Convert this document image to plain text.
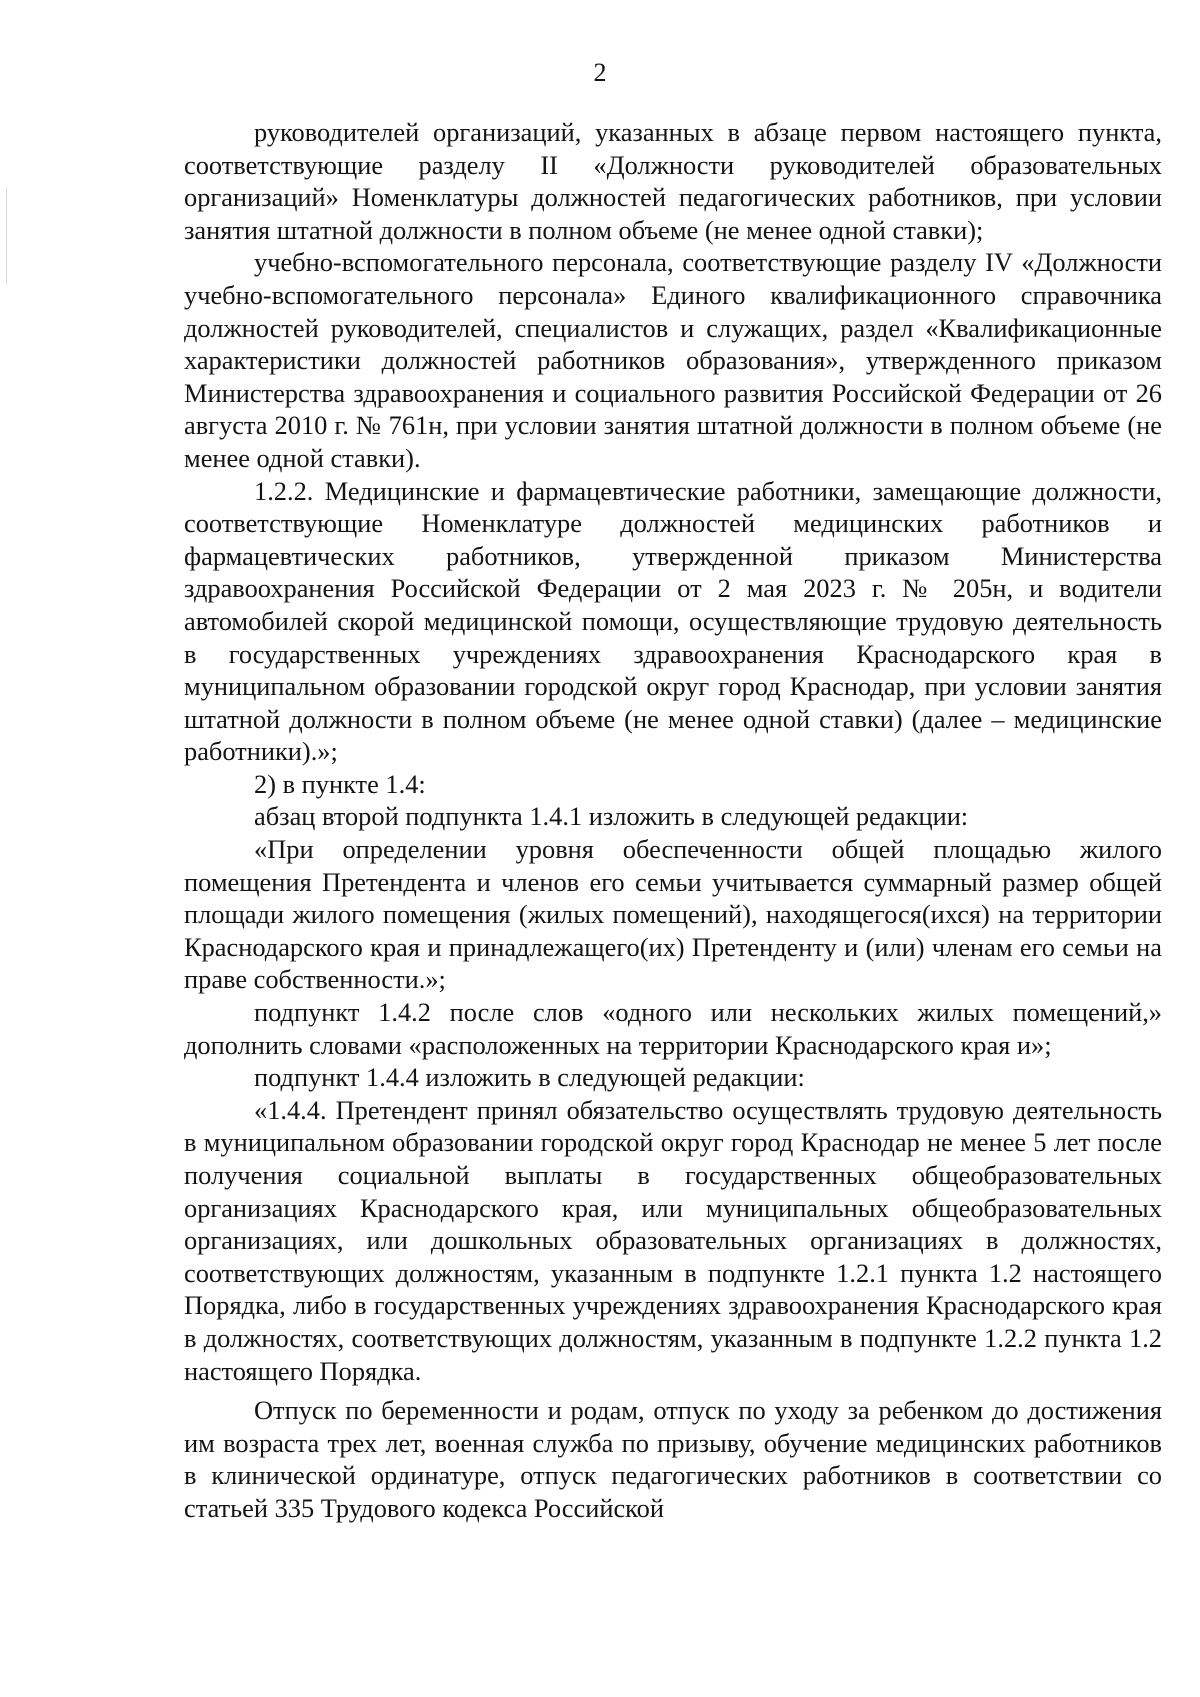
2

руководителей организаций, указанных в абзаце первом настоящего пункта, соответствующие разделу II «Должности руководителей образовательных организаций» Номенклатуры должностей педагогических работников, при условии занятия штатной должности в полном объеме (не менее одной ставки);

учебно-вспомогательного персонала, соответствующие разделу IV «Должности учебно-вспомогательного персонала» Единого квалификационного справочника должностей руководителей, специалистов и служащих, раздел «Квалификационные характеристики должностей работников образования», утвержденного приказом Министерства здравоохранения и социального развития Российской Федерации от 26 августа 2010 г. № 761н, при условии занятия штатной должности в полном объеме (не менее одной ставки).

1.2.2. Медицинские и фармацевтические работники, замещающие должности, соответствующие Номенклатуре должностей медицинских работников и фармацевтических работников, утвержденной приказом Министерства здравоохранения Российской Федерации от 2 мая 2023 г. № 205н, и водители автомобилей скорой медицинской помощи, осуществляющие трудовую деятельность в государственных учреждениях здравоохранения Краснодарского края в муниципальном образовании городской округ город Краснодар, при условии занятия штатной должности в полном объеме (не менее одной ставки) (далее – медицинские работники).»;

2) в пункте 1.4:

абзац второй подпункта 1.4.1 изложить в следующей редакции:

«При определении уровня обеспеченности общей площадью жилого помещения Претендента и членов его семьи учитывается суммарный размер общей площади жилого помещения (жилых помещений), находящегося(ихся) на территории Краснодарского края и принадлежащего(их) Претенденту и (или) членам его семьи на праве собственности.»;

подпункт 1.4.2 после слов «одного или нескольких жилых помещений,» дополнить словами «расположенных на территории Краснодарского края и»;

подпункт 1.4.4 изложить в следующей редакции:

«1.4.4. Претендент принял обязательство осуществлять трудовую деятельность в муниципальном образовании городской округ город Краснодар не менее 5 лет после получения социальной выплаты в государственных общеобразовательных организациях Краснодарского края, или муниципальных общеобразовательных организациях, или дошкольных образовательных организациях в должностях, соответствующих должностям, указанным в подпункте 1.2.1 пункта 1.2 настоящего Порядка, либо в государственных учреждениях здравоохранения Краснодарского края в должностях, соответствующих должностям, указанным в подпункте 1.2.2 пункта 1.2 настоящего Порядка.

Отпуск по беременности и родам, отпуск по уходу за ребенком до достижения им возраста трех лет, военная служба по призыву, обучение медицинских работников в клинической ординатуре, отпуск педагогических работников в соответствии со статьей 335 Трудового кодекса Российской
